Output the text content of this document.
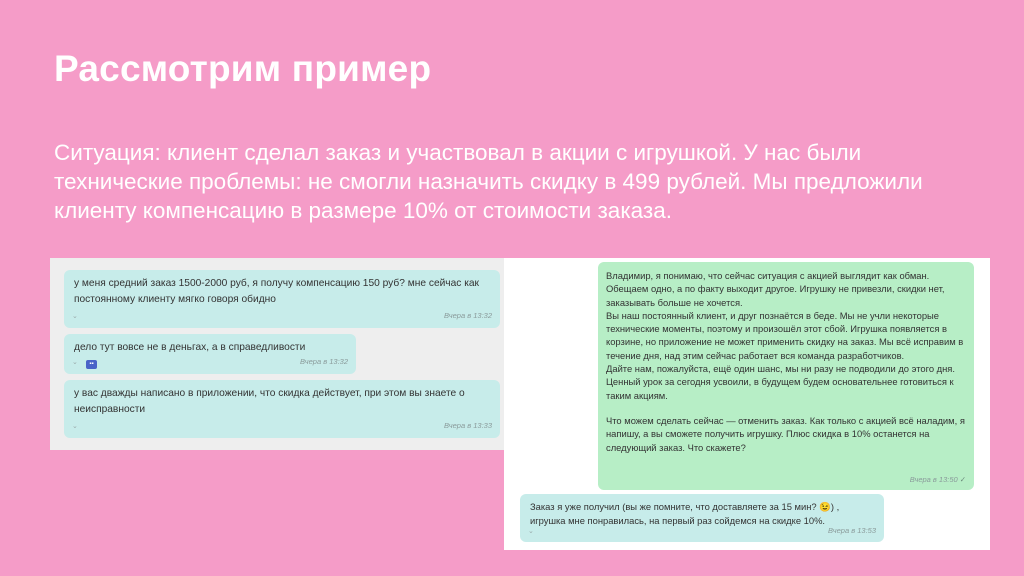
Рассмотрим пример
Ситуация: клиент сделал заказ и участвовал в акции с игрушкой. У нас были технические проблемы: не смогли назначить скидку в 499 рублей. Мы предложили клиенту компенсацию в размере 10% от стоимости заказа.

у меня средний заказ 1500-2000 руб, я получу компенсацию 150 руб? мне сейчас как постоянному клиенту мягко говоря обидно

⌄	Вчера в 13:32

дело тут вовсе не в деньгах, а в справедливости

⌄	▪▪	Вчера в 13:32

у вас дважды написано в приложении, что скидка действует, при этом вы знаете о неисправности

⌄	Вчера в 13:33

Владимир, я понимаю, что сейчас ситуация с акцией выглядит как обман. Обещаем одно, а по факту выходит другое. Игрушку не привезли, скидки нет, заказывать больше не хочется.

Вы наш постоянный клиент, и друг познаётся в беде. Мы не учли некоторые технические моменты, поэтому и произошёл этот сбой. Игрушка появляется в корзине, но приложение не может применить скидку на заказ. Мы всё исправим в течение дня, над этим сейчас работает вся команда разработчиков.

Дайте нам, пожалуйста, ещё один шанс, мы ни разу не подводили до этого дня. Ценный урок за сегодня усвоили, в будущем будем основательнее готовиться к таким акциям.

Что можем сделать сейчас — отменить заказ. Как только с акцией всё наладим, я напишу, а вы сможете получить игрушку. Плюс скидка в 10% останется на следующий заказ. Что скажете?

Вчера в 13:50 ✓

Заказ я уже получил (вы же помните, что доставляете за 15 мин? 😉) , игрушка мне понравилась, на первый раз сойдемся на скидке 10%.

⌄	Вчера в 13:53
